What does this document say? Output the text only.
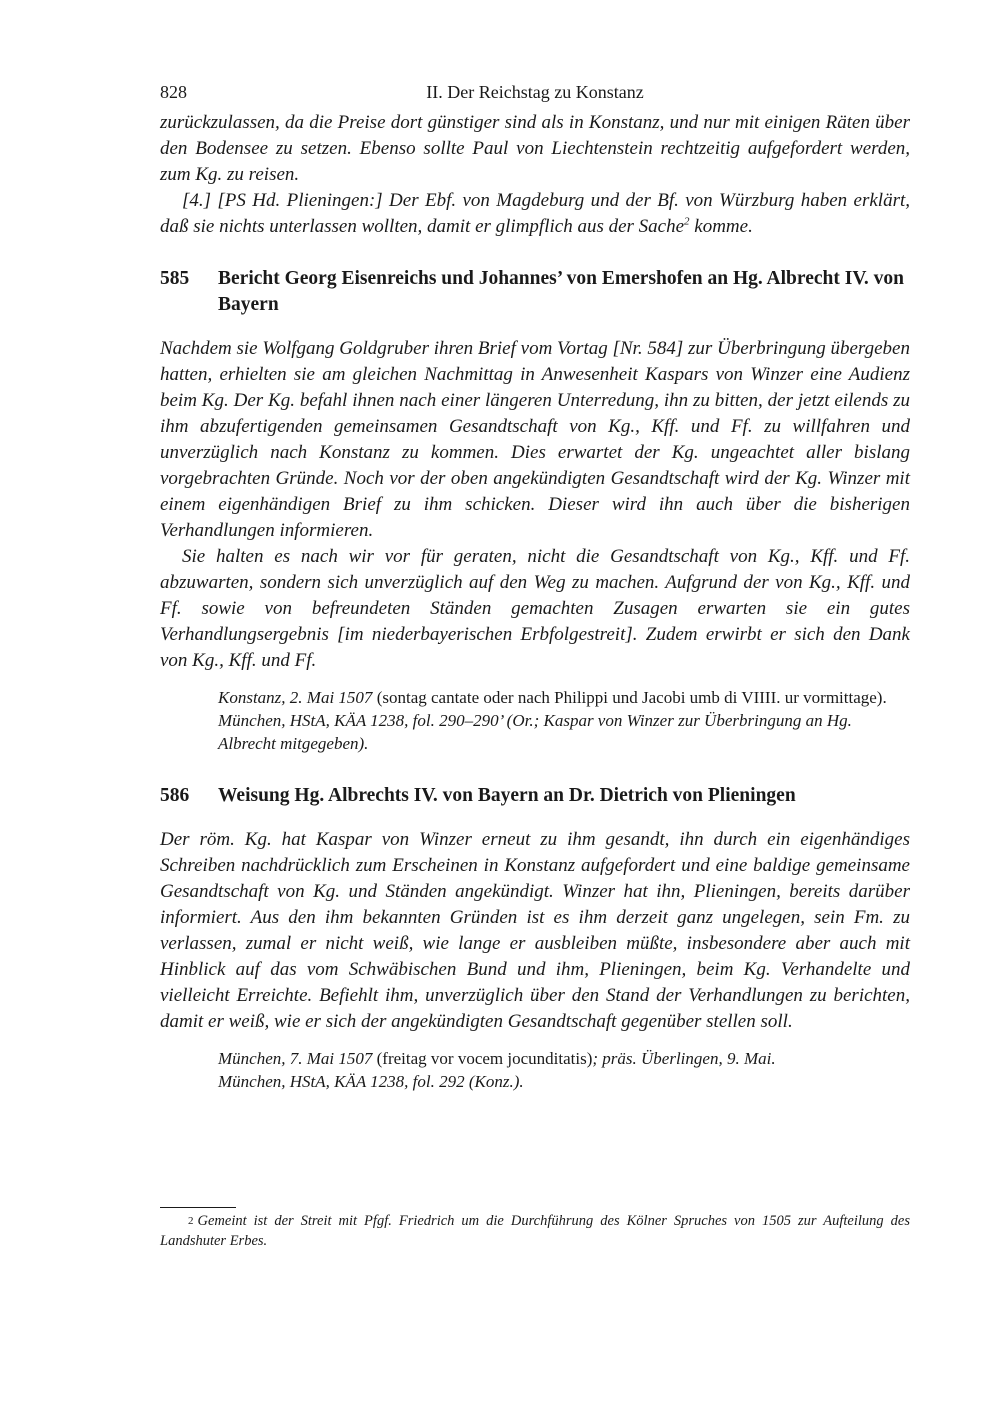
828	II. Der Reichstag zu Konstanz

zurückzulassen, da die Preise dort günstiger sind als in Konstanz, und nur mit einigen Räten über den Bodensee zu setzen. Ebenso sollte Paul von Liechtenstein rechtzeitig aufgefordert werden, zum Kg. zu reisen.

[4.] [PS Hd. Plieningen:] Der Ebf. von Magdeburg und der Bf. von Würzburg haben erklärt, daß sie nichts unterlassen wollten, damit er glimpflich aus der Sache$^2$ komme.

585	Bericht Georg Eisenreichs und Johannes’ von Emershofen an Hg. Albrecht IV. von Bayern

Nachdem sie Wolfgang Goldgruber ihren Brief vom Vortag [Nr. 584] zur Überbringung übergeben hatten, erhielten sie am gleichen Nachmittag in Anwesenheit Kaspars von Winzer eine Audienz beim Kg. Der Kg. befahl ihnen nach einer längeren Unterredung, ihn zu bitten, der jetzt eilends zu ihm abzufertigenden gemeinsamen Gesandtschaft von Kg., Kff. und Ff. zu willfahren und unverzüglich nach Konstanz zu kommen. Dies erwartet der Kg. ungeachtet aller bislang vorgebrachten Gründe. Noch vor der oben angekündigten Gesandtschaft wird der Kg. Winzer mit einem eigenhändigen Brief zu ihm schicken. Dieser wird ihn auch über die bisherigen Verhandlungen informieren.

Sie halten es nach wir vor für geraten, nicht die Gesandtschaft von Kg., Kff. und Ff. abzuwarten, sondern sich unverzüglich auf den Weg zu machen. Aufgrund der von Kg., Kff. und Ff. sowie von befreundeten Ständen gemachten Zusagen erwarten sie ein gutes Verhandlungsergebnis [im niederbayerischen Erbfolgestreit]. Zudem erwirbt er sich den Dank von Kg., Kff. und Ff.

Konstanz, 2. Mai 1507 (sontag cantate oder nach Philippi und Jacobi umb di VIIII. ur vormittage).

München, HStA, KÄA 1238, fol. 290–290’ (Or.; Kaspar von Winzer zur Überbringung an Hg. Albrecht mitgegeben).

586	Weisung Hg. Albrechts IV. von Bayern an Dr. Dietrich von Plieningen

Der röm. Kg. hat Kaspar von Winzer erneut zu ihm gesandt, ihn durch ein eigenhändiges Schreiben nachdrücklich zum Erscheinen in Konstanz aufgefordert und eine baldige gemeinsame Gesandtschaft von Kg. und Ständen angekündigt. Winzer hat ihn, Plieningen, bereits darüber informiert. Aus den ihm bekannten Gründen ist es ihm derzeit ganz ungelegen, sein Fm. zu verlassen, zumal er nicht weiß, wie lange er ausbleiben müßte, insbesondere aber auch mit Hinblick auf das vom Schwäbischen Bund und ihm, Plieningen, beim Kg. Verhandelte und vielleicht Erreichte. Befiehlt ihm, unverzüglich über den Stand der Verhandlungen zu berichten, damit er weiß, wie er sich der angekündigten Gesandtschaft gegenüber stellen soll.

München, 7. Mai 1507 (freitag vor vocem jocunditatis); präs. Überlingen, 9. Mai.

München, HStA, KÄA 1238, fol. 292 (Konz.).

$^2$ Gemeint ist der Streit mit Pfgf. Friedrich um die Durchführung des Kölner Spruches von 1505 zur Aufteilung des Landshuter Erbes.
